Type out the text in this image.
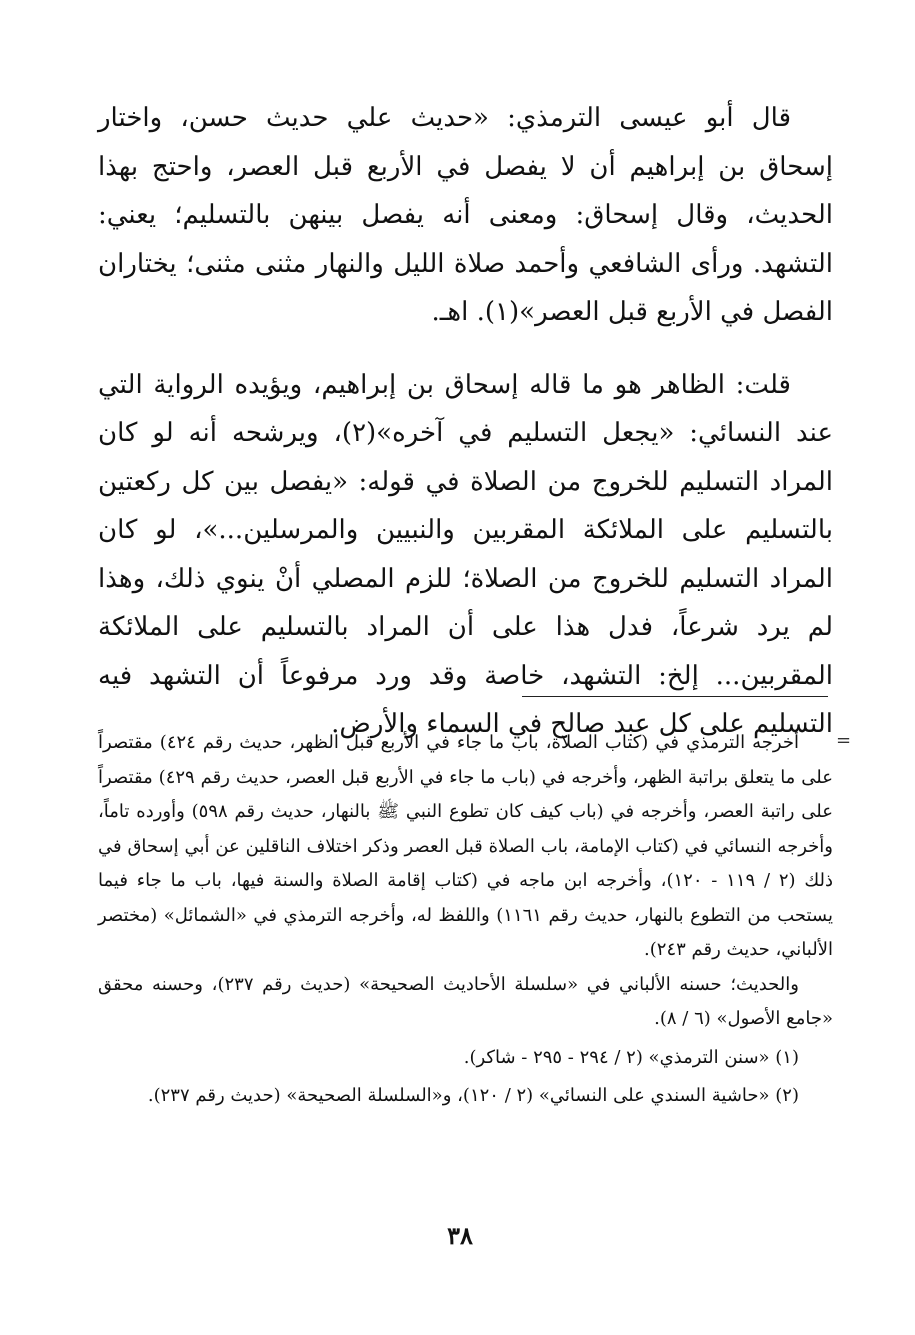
قال أبو عيسى الترمذي: «حديث علي حديث حسن، واختار إسحاق بن إبراهيم أن لا يفصل في الأربع قبل العصر، واحتج بهذا الحديث، وقال إسحاق: ومعنى أنه يفصل بينهن بالتسليم؛ يعني: التشهد. ورأى الشافعي وأحمد صلاة الليل والنهار مثنى مثنى؛ يختاران الفصل في الأربع قبل العصر»(١). اهـ.

قلت: الظاهر هو ما قاله إسحاق بن إبراهيم، ويؤيده الرواية التي عند النسائي: «يجعل التسليم في آخره»(٢)، ويرشحه أنه لو كان المراد التسليم للخروج من الصلاة في قوله: «يفصل بين كل ركعتين بالتسليم على الملائكة المقربين والنبيين والمرسلين...»، لو كان المراد التسليم للخروج من الصلاة؛ للزم المصلي أنْ ينوي ذلك، وهذا لم يرد شرعاً، فدل هذا على أن المراد بالتسليم على الملائكة المقربين... إلخ: التشهد، خاصة وقد ورد مرفوعاً أن التشهد فيه التسليم على كل عبد صالح في السماء والأرض.

=

أخرجه الترمذي في (كتاب الصلاة، باب ما جاء في الأربع قبل الظهر، حديث رقم ٤٢٤) مقتصراً على ما يتعلق براتبة الظهر، وأخرجه في (باب ما جاء في الأربع قبل العصر، حديث رقم ٤٢٩) مقتصراً على راتبة العصر، وأخرجه في (باب كيف كان تطوع النبي ﷺ بالنهار، حديث رقم ٥٩٨) وأورده تاماً، وأخرجه النسائي في (كتاب الإمامة، باب الصلاة قبل العصر وذكر اختلاف الناقلين عن أبي إسحاق في ذلك (٢ / ١١٩ - ١٢٠)، وأخرجه ابن ماجه في (كتاب إقامة الصلاة والسنة فيها، باب ما جاء فيما يستحب من التطوع بالنهار، حديث رقم ١١٦١) واللفظ له، وأخرجه الترمذي في «الشمائل» (مختصر الألباني، حديث رقم ٢٤٣).

والحديث؛ حسنه الألباني في «سلسلة الأحاديث الصحيحة» (حديث رقم ٢٣٧)، وحسنه محقق «جامع الأصول» (٦ / ٨).

(١) «سنن الترمذي» (٢ / ٢٩٤ - ٢٩٥ - شاكر).

(٢) «حاشية السندي على النسائي» (٢ / ١٢٠)، و«السلسلة الصحيحة» (حديث رقم ٢٣٧).

٣٨
